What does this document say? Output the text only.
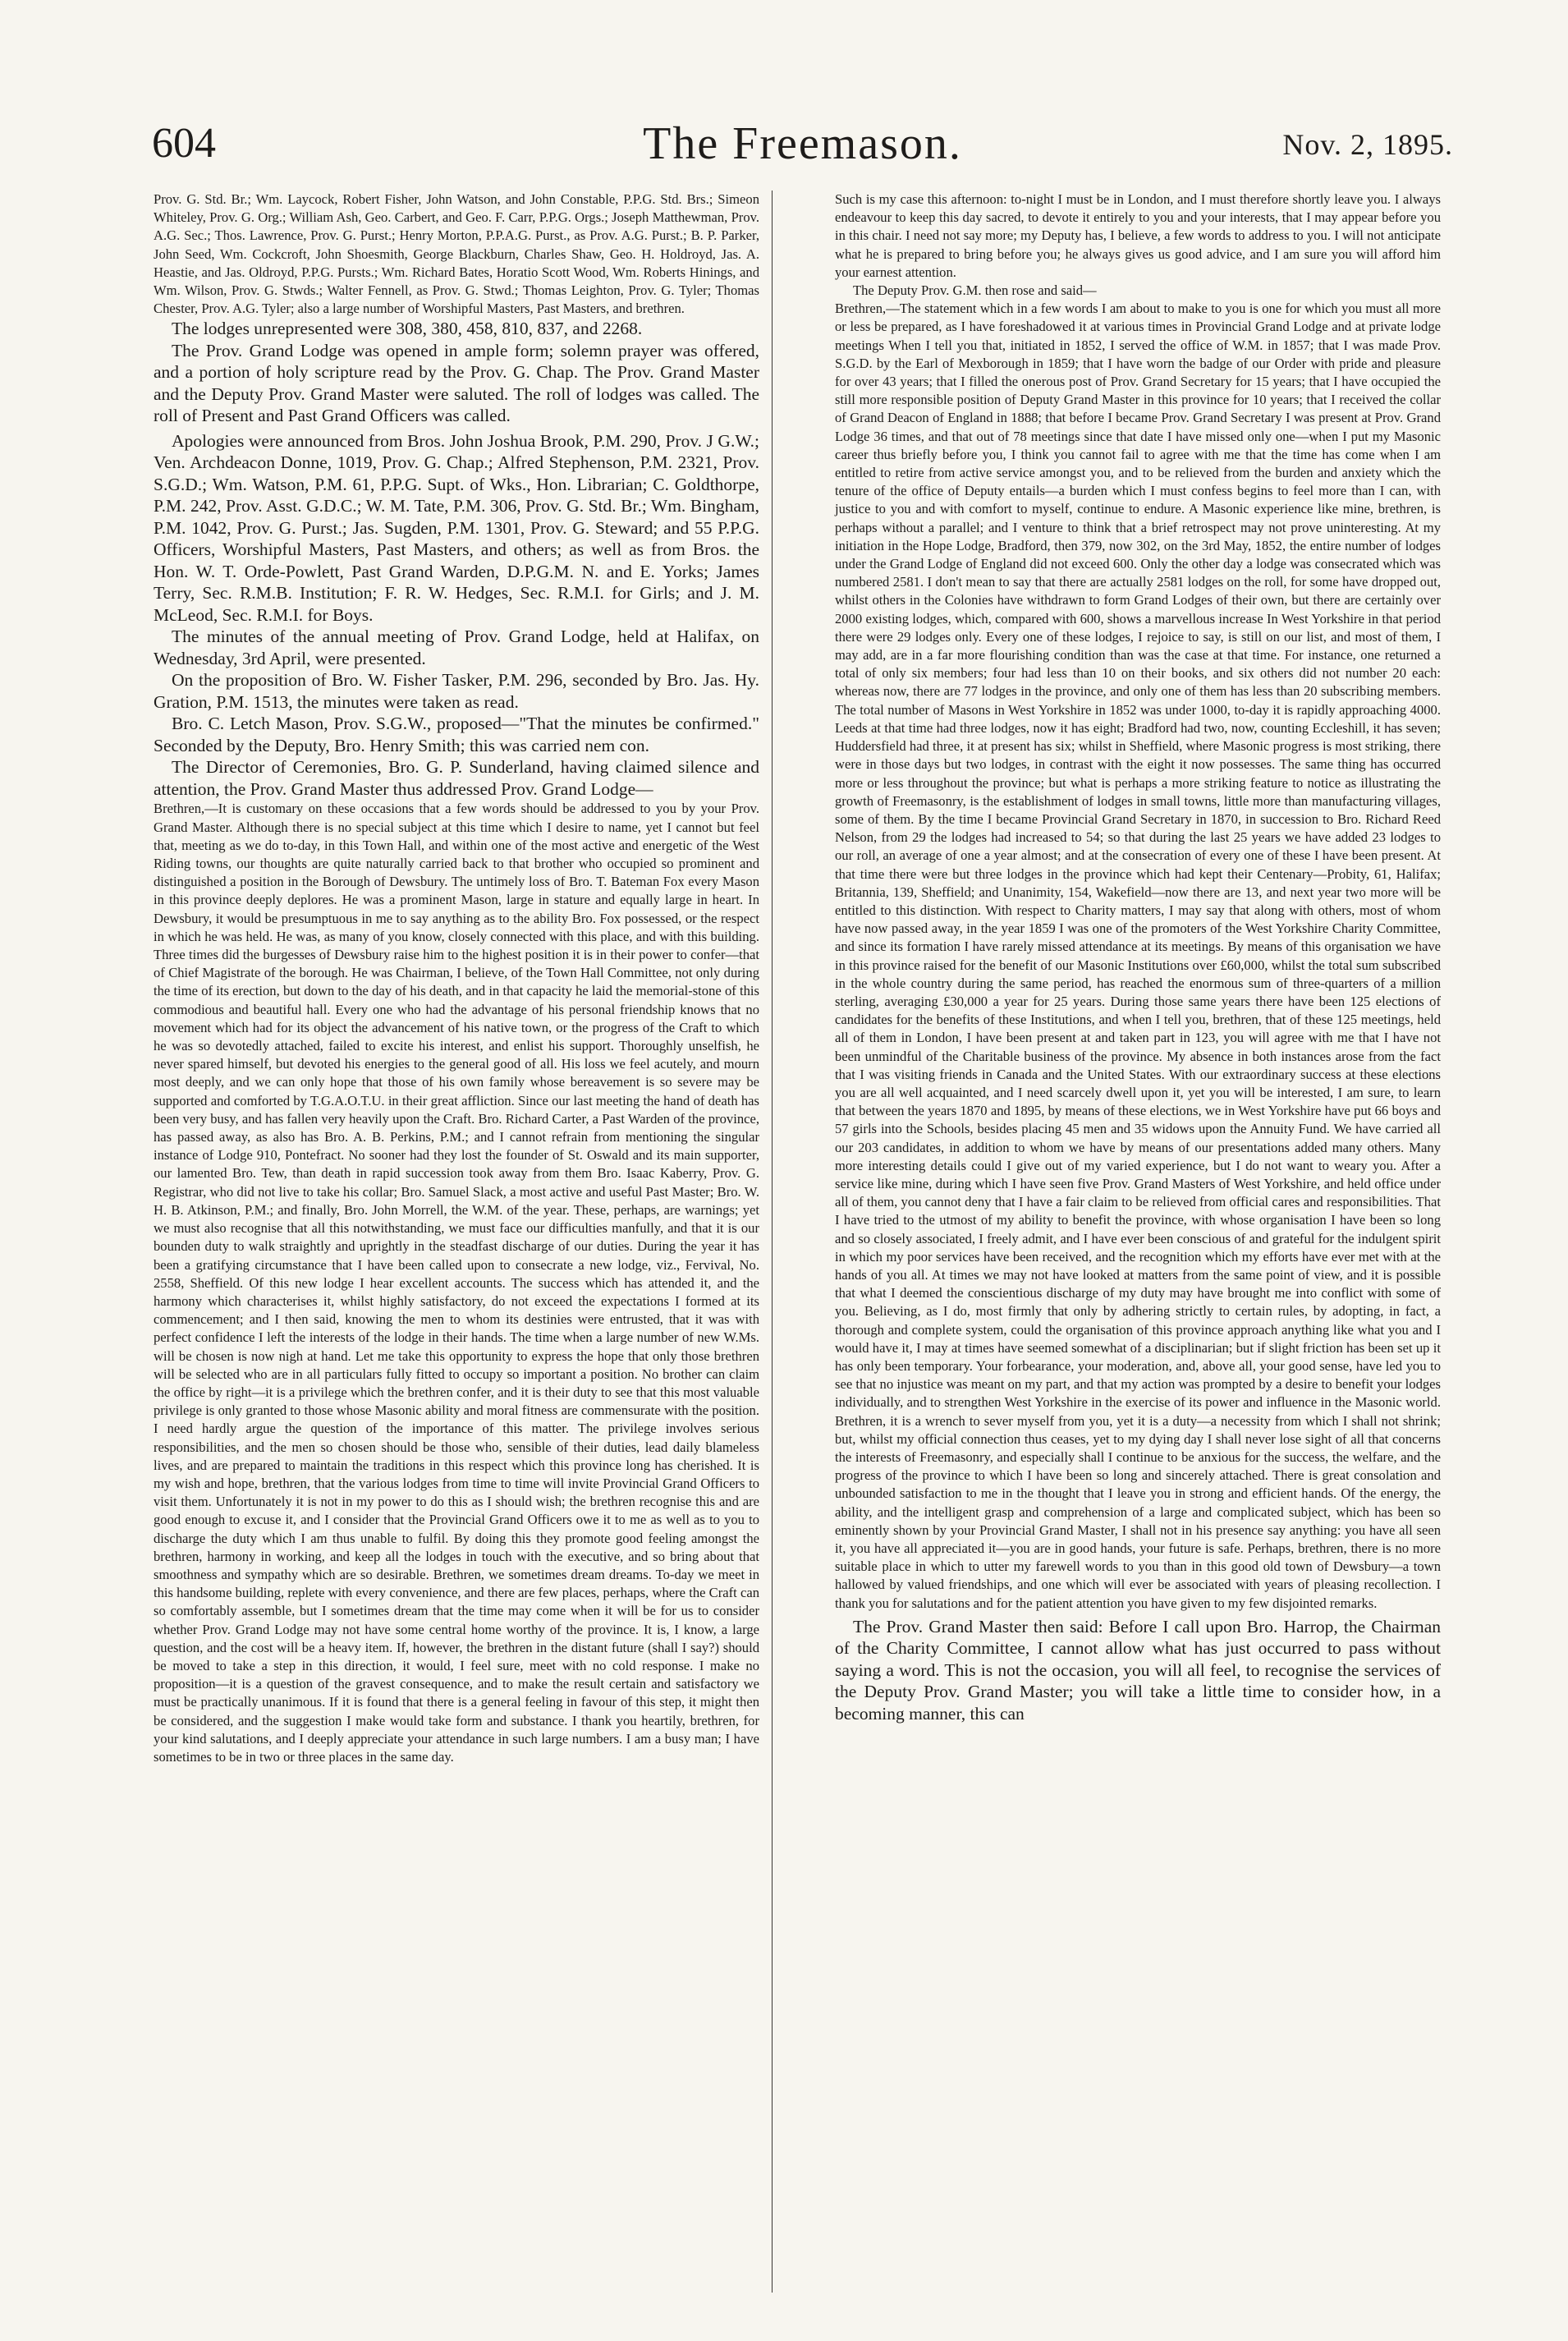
604	The Freemason.	Nov. 2, 1895.

Prov. G. Std. Br.; Wm. Laycock, Robert Fisher, John Watson, and John Constable, P.P.G. Std. Brs.; Simeon Whiteley, Prov. G. Org.; William Ash, Geo. Carbert, and Geo. F. Carr, P.P.G. Orgs.; Joseph Matthewman, Prov. A.G. Sec.; Thos. Lawrence, Prov. G. Purst.; Henry Morton, P.P.A.G. Purst., as Prov. A.G. Purst.; B. P. Parker, John Seed, Wm. Cockcroft, John Shoesmith, George Blackburn, Charles Shaw, Geo. H. Holdroyd, Jas. A. Heastie, and Jas. Oldroyd, P.P.G. Pursts.; Wm. Richard Bates, Horatio Scott Wood, Wm. Roberts Hinings, and Wm. Wilson, Prov. G. Stwds.; Walter Fennell, as Prov. G. Stwd.; Thomas Leighton, Prov. G. Tyler; Thomas Chester, Prov. A.G. Tyler; also a large number of Worshipful Masters, Past Masters, and brethren.

The lodges unrepresented were 308, 380, 458, 810, 837, and 2268.

The Prov. Grand Lodge was opened in ample form; solemn prayer was offered, and a portion of holy scripture read by the Prov. G. Chap. The Prov. Grand Master and the Deputy Prov. Grand Master were saluted. The roll of lodges was called. The roll of Present and Past Grand Officers was called.

Apologies were announced from Bros. John Joshua Brook, P.M. 290, Prov. J G.W.; Ven. Archdeacon Donne, 1019, Prov. G. Chap.; Alfred Stephenson, P.M. 2321, Prov. S.G.D.; Wm. Watson, P.M. 61, P.P.G. Supt. of Wks., Hon. Librarian; C. Goldthorpe, P.M. 242, Prov. Asst. G.D.C.; W. M. Tate, P.M. 306, Prov. G. Std. Br.; Wm. Bingham, P.M. 1042, Prov. G. Purst.; Jas. Sugden, P.M. 1301, Prov. G. Steward; and 55 P.P.G. Officers, Worshipful Masters, Past Masters, and others; as well as from Bros. the Hon. W. T. Orde-Powlett, Past Grand Warden, D.P.G.M. N. and E. Yorks; James Terry, Sec. R.M.B. Institution; F. R. W. Hedges, Sec. R.M.I. for Girls; and J. M. McLeod, Sec. R.M.I. for Boys.

The minutes of the annual meeting of Prov. Grand Lodge, held at Halifax, on Wednesday, 3rd April, were presented.

On the proposition of Bro. W. Fisher Tasker, P.M. 296, seconded by Bro. Jas. Hy. Gration, P.M. 1513, the minutes were taken as read.

Bro. C. Letch Mason, Prov. S.G.W., proposed—"That the minutes be confirmed." Seconded by the Deputy, Bro. Henry Smith; this was carried nem con.

The Director of Ceremonies, Bro. G. P. Sunderland, having claimed silence and attention, the Prov. Grand Master thus addressed Prov. Grand Lodge—

Brethren,—It is customary on these occasions that a few words should be addressed to you by your Prov. Grand Master. Although there is no special subject at this time which I desire to name, yet I cannot but feel that, meeting as we do to-day, in this Town Hall, and within one of the most active and energetic of the West Riding towns, our thoughts are quite naturally carried back to that brother who occupied so prominent and distinguished a position in the Borough of Dewsbury. The untimely loss of Bro. T. Bateman Fox every Mason in this province deeply deplores. He was a prominent Mason, large in stature and equally large in heart. In Dewsbury, it would be presumptuous in me to say anything as to the ability Bro. Fox possessed, or the respect in which he was held. He was, as many of you know, closely connected with this place, and with this building. Three times did the burgesses of Dewsbury raise him to the highest position it is in their power to confer—that of Chief Magistrate of the borough. He was Chairman, I believe, of the Town Hall Committee, not only during the time of its erection, but down to the day of his death, and in that capacity he laid the memorial-stone of this commodious and beautiful hall. Every one who had the advantage of his personal friendship knows that no movement which had for its object the advancement of his native town, or the progress of the Craft to which he was so devotedly attached, failed to excite his interest, and enlist his support. Thoroughly unselfish, he never spared himself, but devoted his energies to the general good of all. His loss we feel acutely, and mourn most deeply, and we can only hope that those of his own family whose bereavement is so severe may be supported and comforted by T.G.A.O.T.U. in their great affliction. Since our last meeting the hand of death has been very busy, and has fallen very heavily upon the Craft. Bro. Richard Carter, a Past Warden of the province, has passed away, as also has Bro. A. B. Perkins, P.M.; and I cannot refrain from mentioning the singular instance of Lodge 910, Pontefract. No sooner had they lost the founder of St. Oswald and its main supporter, our lamented Bro. Tew, than death in rapid succession took away from them Bro. Isaac Kaberry, Prov. G. Registrar, who did not live to take his collar; Bro. Samuel Slack, a most active and useful Past Master; Bro. W. H. B. Atkinson, P.M.; and finally, Bro. John Morrell, the W.M. of the year. These, perhaps, are warnings; yet we must also recognise that all this notwithstanding, we must face our difficulties manfully, and that it is our bounden duty to walk straightly and uprightly in the steadfast discharge of our duties. During the year it has been a gratifying circumstance that I have been called upon to consecrate a new lodge, viz., Fervival, No. 2558, Sheffield. Of this new lodge I hear excellent accounts. The success which has attended it, and the harmony which characterises it, whilst highly satisfactory, do not exceed the expectations I formed at its commencement; and I then said, knowing the men to whom its destinies were entrusted, that it was with perfect confidence I left the interests of the lodge in their hands. The time when a large number of new W.Ms. will be chosen is now nigh at hand. Let me take this opportunity to express the hope that only those brethren will be selected who are in all particulars fully fitted to occupy so important a position. No brother can claim the office by right—it is a privilege which the brethren confer, and it is their duty to see that this most valuable privilege is only granted to those whose Masonic ability and moral fitness are commensurate with the position. I need hardly argue the question of the importance of this matter. The privilege involves serious responsibilities, and the men so chosen should be those who, sensible of their duties, lead daily blameless lives, and are prepared to maintain the traditions in this respect which this province long has cherished. It is my wish and hope, brethren, that the various lodges from time to time will invite Provincial Grand Officers to visit them. Unfortunately it is not in my power to do this as I should wish; the brethren recognise this and are good enough to excuse it, and I consider that the Provincial Grand Officers owe it to me as well as to you to discharge the duty which I am thus unable to fulfil. By doing this they promote good feeling amongst the brethren, harmony in working, and keep all the lodges in touch with the executive, and so bring about that smoothness and sympathy which are so desirable. Brethren, we sometimes dream dreams. To-day we meet in this handsome building, replete with every convenience, and there are few places, perhaps, where the Craft can so comfortably assemble, but I sometimes dream that the time may come when it will be for us to consider whether Prov. Grand Lodge may not have some central home worthy of the province. It is, I know, a large question, and the cost will be a heavy item. If, however, the brethren in the distant future (shall I say?) should be moved to take a step in this direction, it would, I feel sure, meet with no cold response. I make no proposition—it is a question of the gravest consequence, and to make the result certain and satisfactory we must be practically unanimous. If it is found that there is a general feeling in favour of this step, it might then be considered, and the suggestion I make would take form and substance. I thank you heartily, brethren, for your kind salutations, and I deeply appreciate your attendance in such large numbers. I am a busy man; I have sometimes to be in two or three places in the same day.

Such is my case this afternoon: to-night I must be in London, and I must therefore shortly leave you. I always endeavour to keep this day sacred, to devote it entirely to you and your interests, that I may appear before you in this chair. I need not say more; my Deputy has, I believe, a few words to address to you. I will not anticipate what he is prepared to bring before you; he always gives us good advice, and I am sure you will afford him your earnest attention.

The Deputy Prov. G.M. then rose and said—

Brethren,—The statement which in a few words I am about to make to you is one for which you must all more or less be prepared, as I have foreshadowed it at various times in Provincial Grand Lodge and at private lodge meetings When I tell you that, initiated in 1852, I served the office of W.M. in 1857; that I was made Prov. S.G.D. by the Earl of Mexborough in 1859; that I have worn the badge of our Order with pride and pleasure for over 43 years; that I filled the onerous post of Prov. Grand Secretary for 15 years; that I have occupied the still more responsible position of Deputy Grand Master in this province for 10 years; that I received the collar of Grand Deacon of England in 1888; that before I became Prov. Grand Secretary I was present at Prov. Grand Lodge 36 times, and that out of 78 meetings since that date I have missed only one—when I put my Masonic career thus briefly before you, I think you cannot fail to agree with me that the time has come when I am entitled to retire from active service amongst you, and to be relieved from the burden and anxiety which the tenure of the office of Deputy entails—a burden which I must confess begins to feel more than I can, with justice to you and with comfort to myself, continue to endure. A Masonic experience like mine, brethren, is perhaps without a parallel; and I venture to think that a brief retrospect may not prove uninteresting. At my initiation in the Hope Lodge, Bradford, then 379, now 302, on the 3rd May, 1852, the entire number of lodges under the Grand Lodge of England did not exceed 600. Only the other day a lodge was consecrated which was numbered 2581. I don't mean to say that there are actually 2581 lodges on the roll, for some have dropped out, whilst others in the Colonies have withdrawn to form Grand Lodges of their own, but there are certainly over 2000 existing lodges, which, compared with 600, shows a marvellous increase In West Yorkshire in that period there were 29 lodges only. Every one of these lodges, I rejoice to say, is still on our list, and most of them, I may add, are in a far more flourishing condition than was the case at that time. For instance, one returned a total of only six members; four had less than 10 on their books, and six others did not number 20 each: whereas now, there are 77 lodges in the province, and only one of them has less than 20 subscribing members. The total number of Masons in West Yorkshire in 1852 was under 1000, to-day it is rapidly approaching 4000. Leeds at that time had three lodges, now it has eight; Bradford had two, now, counting Eccleshill, it has seven; Huddersfield had three, it at present has six; whilst in Sheffield, where Masonic progress is most striking, there were in those days but two lodges, in contrast with the eight it now possesses. The same thing has occurred more or less throughout the province; but what is perhaps a more striking feature to notice as illustrating the growth of Freemasonry, is the establishment of lodges in small towns, little more than manufacturing villages, some of them. By the time I became Provincial Grand Secretary in 1870, in succession to Bro. Richard Reed Nelson, from 29 the lodges had increased to 54; so that during the last 25 years we have added 23 lodges to our roll, an average of one a year almost; and at the consecration of every one of these I have been present. At that time there were but three lodges in the province which had kept their Centenary—Probity, 61, Halifax; Britannia, 139, Sheffield; and Unanimity, 154, Wakefield—now there are 13, and next year two more will be entitled to this distinction. With respect to Charity matters, I may say that along with others, most of whom have now passed away, in the year 1859 I was one of the promoters of the West Yorkshire Charity Committee, and since its formation I have rarely missed attendance at its meetings. By means of this organisation we have in this province raised for the benefit of our Masonic Institutions over £60,000, whilst the total sum subscribed in the whole country during the same period, has reached the enormous sum of three-quarters of a million sterling, averaging £30,000 a year for 25 years. During those same years there have been 125 elections of candidates for the benefits of these Institutions, and when I tell you, brethren, that of these 125 meetings, held all of them in London, I have been present at and taken part in 123, you will agree with me that I have not been unmindful of the Charitable business of the province. My absence in both instances arose from the fact that I was visiting friends in Canada and the United States. With our extraordinary success at these elections you are all well acquainted, and I need scarcely dwell upon it, yet you will be interested, I am sure, to learn that between the years 1870 and 1895, by means of these elections, we in West Yorkshire have put 66 boys and 57 girls into the Schools, besides placing 45 men and 35 widows upon the Annuity Fund. We have carried all our 203 candidates, in addition to whom we have by means of our presentations added many others. Many more interesting details could I give out of my varied experience, but I do not want to weary you. After a service like mine, during which I have seen five Prov. Grand Masters of West Yorkshire, and held office under all of them, you cannot deny that I have a fair claim to be relieved from official cares and responsibilities. That I have tried to the utmost of my ability to benefit the province, with whose organisation I have been so long and so closely associated, I freely admit, and I have ever been conscious of and grateful for the indulgent spirit in which my poor services have been received, and the recognition which my efforts have ever met with at the hands of you all. At times we may not have looked at matters from the same point of view, and it is possible that what I deemed the conscientious discharge of my duty may have brought me into conflict with some of you. Believing, as I do, most firmly that only by adhering strictly to certain rules, by adopting, in fact, a thorough and complete system, could the organisation of this province approach anything like what you and I would have it, I may at times have seemed somewhat of a disciplinarian; but if slight friction has been set up it has only been temporary. Your forbearance, your moderation, and, above all, your good sense, have led you to see that no injustice was meant on my part, and that my action was prompted by a desire to benefit your lodges individually, and to strengthen West Yorkshire in the exercise of its power and influence in the Masonic world. Brethren, it is a wrench to sever myself from you, yet it is a duty—a necessity from which I shall not shrink; but, whilst my official connection thus ceases, yet to my dying day I shall never lose sight of all that concerns the interests of Freemasonry, and especially shall I continue to be anxious for the success, the welfare, and the progress of the province to which I have been so long and sincerely attached. There is great consolation and unbounded satisfaction to me in the thought that I leave you in strong and efficient hands. Of the energy, the ability, and the intelligent grasp and comprehension of a large and complicated subject, which has been so eminently shown by your Provincial Grand Master, I shall not in his presence say anything: you have all seen it, you have all appreciated it—you are in good hands, your future is safe. Perhaps, brethren, there is no more suitable place in which to utter my farewell words to you than in this good old town of Dewsbury—a town hallowed by valued friendships, and one which will ever be associated with years of pleasing recollection. I thank you for salutations and for the patient attention you have given to my few disjointed remarks.

The Prov. Grand Master then said: Before I call upon Bro. Harrop, the Chairman of the Charity Committee, I cannot allow what has just occurred to pass without saying a word. This is not the occasion, you will all feel, to recognise the services of the Deputy Prov. Grand Master; you will take a little time to consider how, in a becoming manner, this can
